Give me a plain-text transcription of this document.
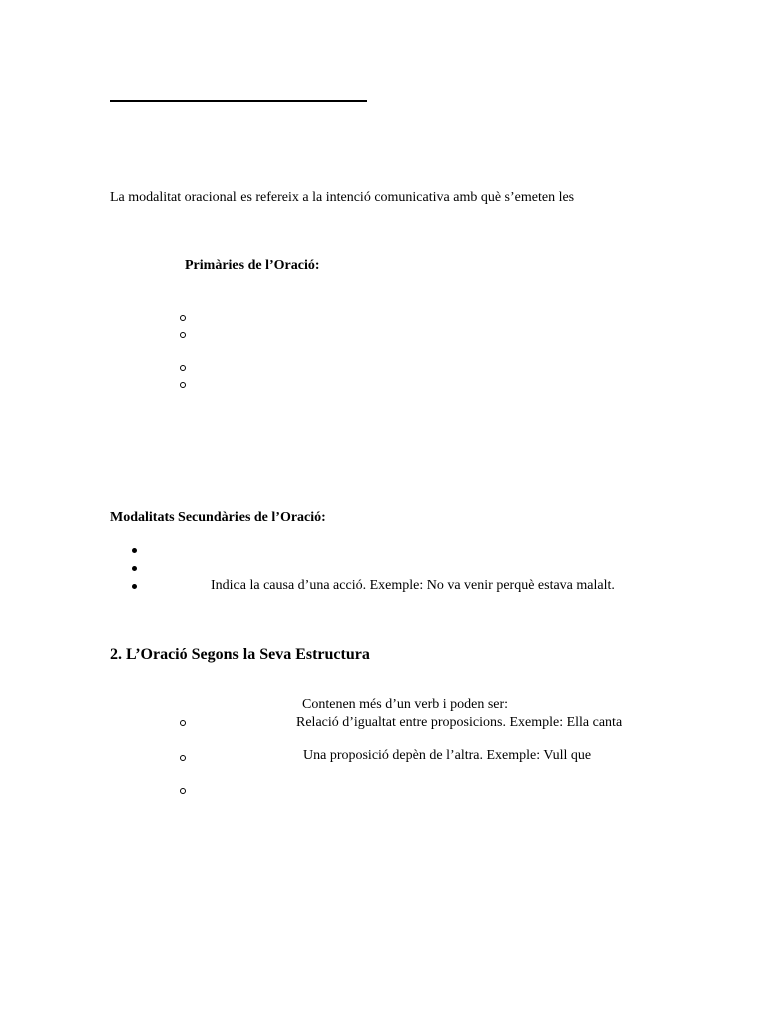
La modalitat oracional es refereix a la intenció comunicativa amb què s’emeten les
Primàries de l’Oració:
Modalitats Secundàries de l’Oració:
Indica la causa d’una acció. Exemple: No va venir perquè estava malalt.
2. L’Oració Segons la Seva Estructura
Contenen més d’un verb i poden ser:
Relació d’igualtat entre proposicions. Exemple: Ella canta
Una proposició depèn de l’altra. Exemple: Vull que
